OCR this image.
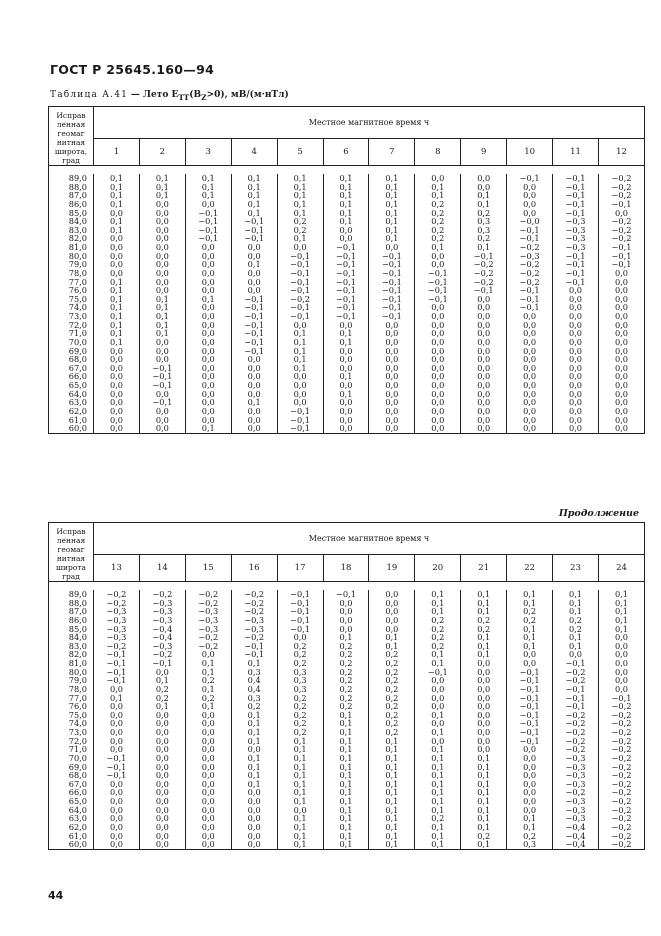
ГОСТ Р 25645.160—94
Таблица А.41 — Лето $E_{TT}(B_Z>0)$, мВ/(м·нТл)
Исправ ленная геомаг нитная широта, град	Местное магнитное время ч											
	1	2	3	4	5	6	7	8	9	10	11	12

89,0	0,1	0,1	0,1	0,1	0,1	0,1	0,1	0,0	0,0	−0,1	−0,1	−0,2
88,0	0,1	0,1	0,1	0,1	0,1	0,1	0,1	0,1	0,0	0,0	−0,1	−0,2
87,0	0,1	0,1	0,1	0,1	0,1	0,1	0,1	0,1	0,1	0,0	−0,1	−0,2
86,0	0,1	0,0	0,0	0,1	0,1	0,1	0,1	0,2	0,1	0,0	−0,1	−0,1
85,0	0,0	0,0	−0,1	0,1	0,1	0,1	0,1	0,2	0,2	0,0	−0,1	0,0
84,0	0,1	0,0	−0,1	−0,1	0,2	0,1	0,1	0,2	0,3	−0,0	−0,3	−0,2
83,0	0,1	0,0	−0,1	−0,1	0,2	0,0	0,1	0,2	0,3	−0,1	−0,3	−0,2
82,0	0,0	0,0	−0,1	−0,1	0,1	0,0	0,1	0,2	0,2	−0,1	−0,3	−0,2
81,0	0,0	0,0	0,0	0,0	0,0	−0,1	0,0	0,1	0,1	−0,2	−0,3	−0,1
80,0	0,0	0,0	0,0	0,0	−0,1	−0,1	−0,1	0,0	−0,1	−0,3	−0,1	−0,1
79,0	0,0	0,0	0,0	0,1	−0,1	−0,1	−0,1	0,0	−0,2	−0,2	−0,1	−0,1
78,0	0,0	0,0	0,0	0,0	−0,1	−0,1	−0,1	−0,1	−0,2	−0,2	−0,1	0,0
77,0	0,1	0,0	0,0	0,0	−0,1	−0,1	−0,1	−0,1	−0,2	−0,2	−0,1	0,0
76,0	0,1	0,0	0,0	0,0	−0,1	−0,1	−0,1	−0,1	−0,1	−0,1	0,0	0,0
75,0	0,1	0,1	0,1	−0,1	−0,2	−0,1	−0,1	−0,1	0,0	−0,1	0,0	0,0
74,0	0,1	0,1	0,0	−0,1	−0,1	−0,1	−0,1	0,0	0,0	−0,1	0,0	0,0
73,0	0,1	0,1	0,0	−0,1	−0,1	−0,1	−0,1	0,0	0,0	0,0	0,0	0,0
72,0	0,1	0,1	0,0	−0,1	0,0	0,0	0,0	0,0	0,0	0,0	0,0	0,0
71,0	0,1	0,1	0,0	−0,1	0,1	0,1	0,0	0,0	0,0	0,0	0,0	0,0
70,0	0,1	0,0	0,0	−0,1	0,1	0,1	0,0	0,0	0,0	0,0	0,0	0,0
69,0	0,0	0,0	0,0	−0,1	0,1	0,0	0,0	0,0	0,0	0,0	0,0	0,0
68,0	0,0	0,0	0,0	0,0	0,1	0,0	0,0	0,0	0,0	0,0	0,0	0,0
67,0	0,0	−0,1	0,0	0,0	0,1	0,0	0,0	0,0	0,0	0,0	0,0	0,0
66,0	0,0	−0,1	0,0	0,0	0,0	0,1	0,0	0,0	0,0	0,0	0,0	0,0
65,0	0,0	−0,1	0,0	0,0	0,0	0,0	0,0	0,0	0,0	0,0	0,0	0,0
64,0	0,0	0,0	0,0	0,0	0,0	0,1	0,0	0,0	0,0	0,0	0,0	0,0
63,0	0,0	−0,1	0,0	0,1	0,0	0,0	0,0	0,0	0,0	0,0	0,0	0,0
62,0	0,0	0,0	0,0	0,0	−0,1	0,0	0,0	0,0	0,0	0,0	0,0	0,0
61,0	0,0	0,0	0,0	0,0	−0,1	0,0	0,0	0,0	0,0	0,0	0,0	0,0
60,0	0,0	0,0	0,1	0,0	−0,1	0,0	0,0	0,0	0,0	0,0	0,0	0,0
Продолжение
Исправ ленная геомаг нитная широта град	Местное магнитное время ч											
	13	14	15	16	17	18	19	20	21	22	23	24

89,0	−0,2	−0,2	−0,2	−0,2	−0,1	−0,1	0,0	0,1	0,1	0,1	0,1	0,1
88,0	−0,2	−0,3	−0,2	−0,2	−0,1	0,0	0,0	0,1	0,1	0,1	0,1	0,1
87,0	−0,3	−0,3	−0,3	−0,2	−0,1	0,0	0,0	0,1	0,1	0,2	0,1	0,1
86,0	−0,3	−0,3	−0,3	−0,3	−0,1	0,0	0,0	0,2	0,2	0,2	0,2	0,1
85,0	−0,3	−0,4	−0,3	−0,3	−0,1	0,0	0,0	0,2	0,2	0,1	0,2	0,1
84,0	−0,3	−0,4	−0,2	−0,2	0,0	0,1	0,1	0,2	0,1	0,1	0,1	0,0
83,0	−0,2	−0,3	−0,2	−0,1	0,2	0,2	0,1	0,2	0,1	0,1	0,1	0,0
82,0	−0,1	−0,2	0,0	−0,1	0,2	0,2	0,2	0,1	0,1	0,0	0,0	0,0
81,0	−0,1	−0,1	0,1	0,1	0,2	0,2	0,2	0,1	0,0	0,0	−0,1	0,0
80,0	−0,1	0,0	0,1	0,3	0,3	0,2	0,2	−0,1	0,0	−0,1	−0,2	0,0
79,0	−0,1	0,1	0,2	0,4	0,3	0,2	0,2	0,0	0,0	−0,1	−0,2	0,0
78,0	0,0	0,2	0,1	0,4	0,3	0,2	0,2	0,0	0,0	−0,1	−0,1	0,0
77,0	0,1	0,2	0,2	0,3	0,2	0,2	0,2	0,0	0,0	−0,1	−0,1	−0,1
76,0	0,0	0,1	0,1	0,2	0,2	0,2	0,2	0,0	0,0	−0,1	−0,1	−0,2
75,0	0,0	0,0	0,0	0,1	0,2	0,1	0,2	0,1	0,0	−0,1	−0,2	−0,2
74,0	0,0	0,0	0,0	0,1	0,2	0,1	0,2	0,0	0,0	−0,1	−0,2	−0,2
73,0	0,0	0,0	0,0	0,1	0,2	0,1	0,2	0,1	0,0	−0,1	−0,2	−0,2
72,0	0,0	0,0	0,0	0,1	0,1	0,1	0,1	0,0	0,0	−0,1	−0,2	−0,2
71,0	0,0	0,0	0,0	0,0	0,1	0,1	0,1	0,1	0,0	0,0	−0,2	−0,2
70,0	−0,1	0,0	0,0	0,1	0,1	0,1	0,1	0,1	0,1	0,0	−0,3	−0,2
69,0	−0,1	0,0	0,0	0,1	0,1	0,1	0,1	0,1	0,1	0,0	−0,3	−0,2
68,0	−0,1	0,0	0,0	0,1	0,1	0,1	0,1	0,1	0,1	0,0	−0,3	−0,2
67,0	0,0	0,0	0,0	0,1	0,1	0,1	0,1	0,1	0,1	0,0	−0,3	−0,2
66,0	0,0	0,0	0,0	0,0	0,1	0,1	0,1	0,1	0,1	0,0	−0,2	−0,2
65,0	0,0	0,0	0,0	0,0	0,1	0,1	0,1	0,1	0,1	0,0	−0,3	−0,2
64,0	0,0	0,0	0,0	0,0	0,0	0,1	0,1	0,1	0,1	0,0	−0,3	−0,2
63,0	0,0	0,0	0,0	0,0	0,1	0,1	0,1	0,2	0,1	0,1	−0,3	−0,2
62,0	0,0	0,0	0,0	0,0	0,1	0,1	0,1	0,1	0,1	0,1	−0,4	−0,2
61,0	0,0	0,0	0,0	0,0	0,1	0,1	0,1	0,1	0,2	0,2	−0,4	−0,2
60,0	0,0	0,0	0,0	0,0	0,1	0,1	0,1	0,1	0,1	0,3	−0,4	−0,2
44
